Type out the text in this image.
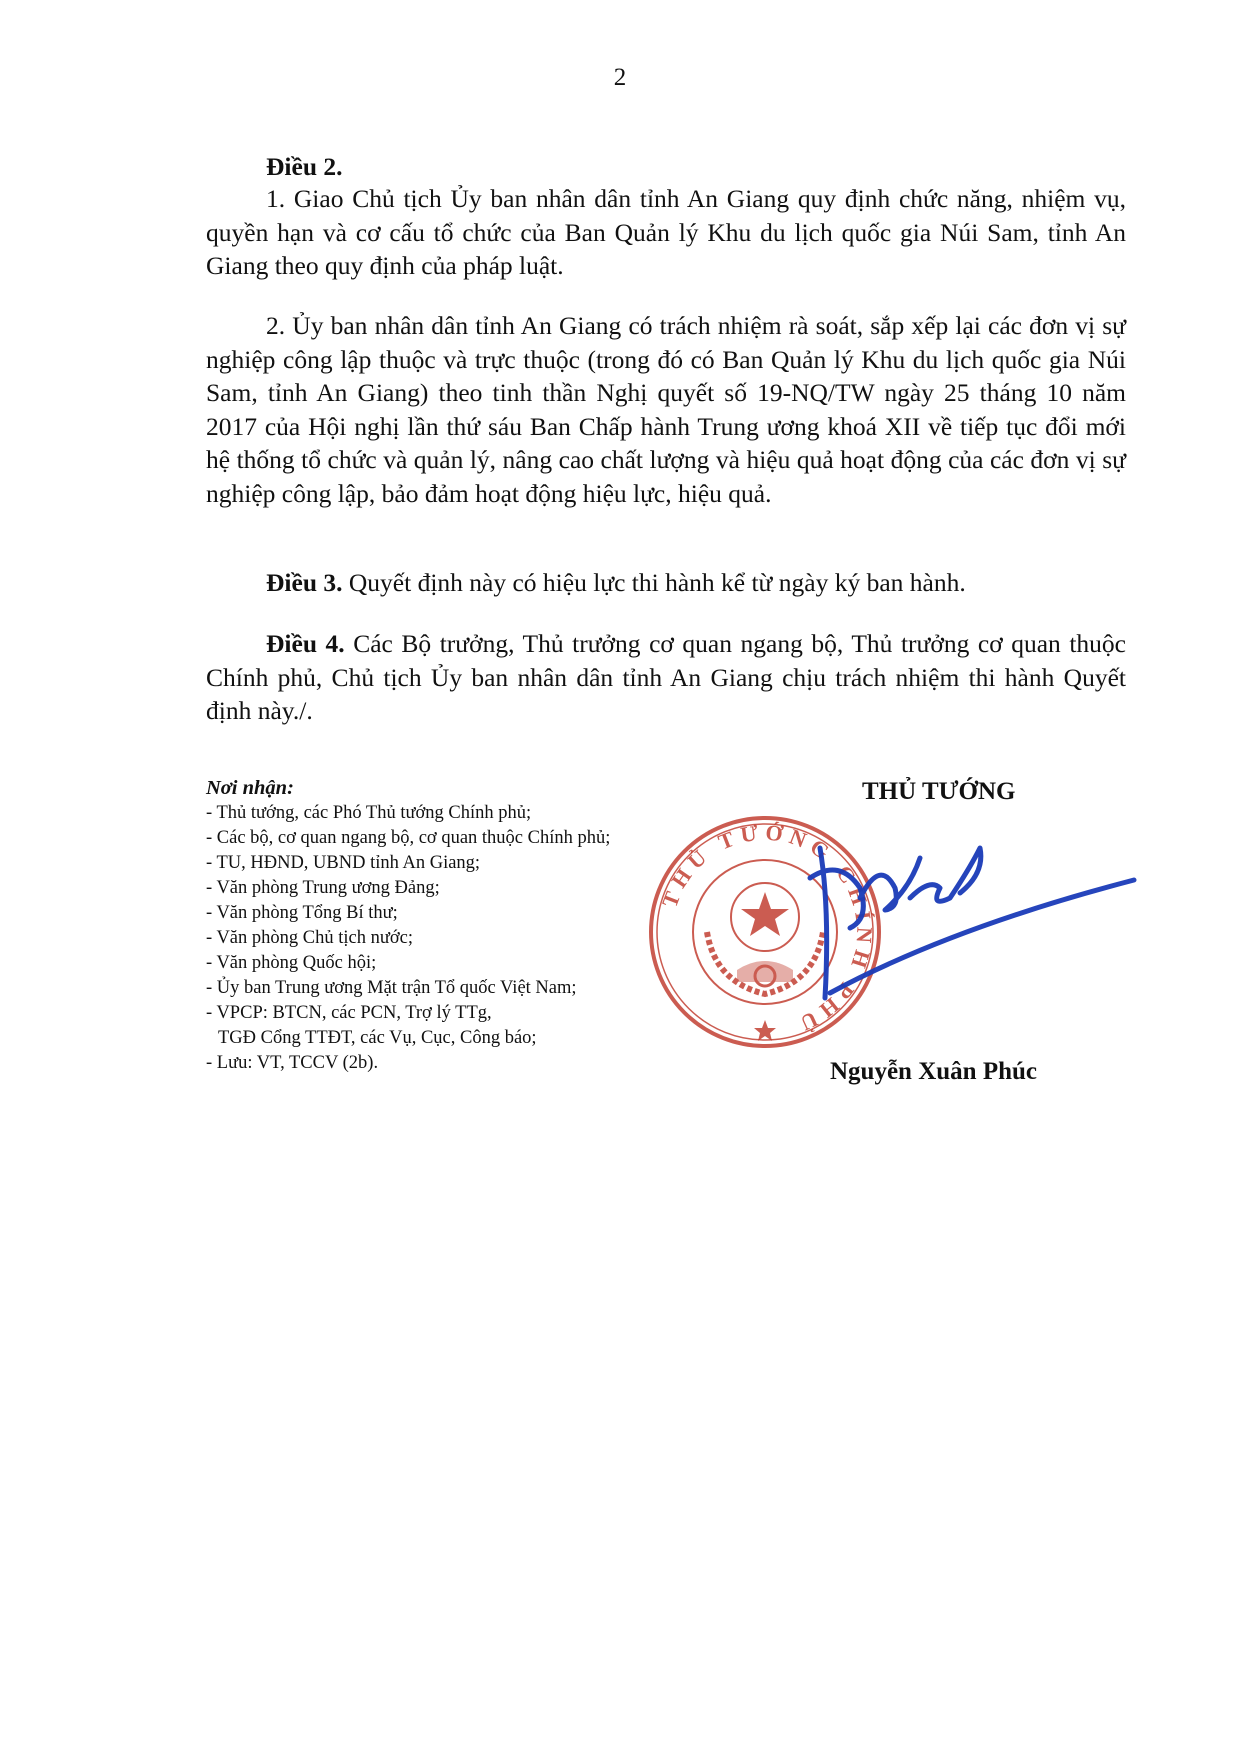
2
Điều 2.

1. Giao Chủ tịch Ủy ban nhân dân tỉnh An Giang quy định chức năng, nhiệm vụ, quyền hạn và cơ cấu tổ chức của Ban Quản lý Khu du lịch quốc gia Núi Sam, tỉnh An Giang theo quy định của pháp luật.

2. Ủy ban nhân dân tỉnh An Giang có trách nhiệm rà soát, sắp xếp lại các đơn vị sự nghiệp công lập thuộc và trực thuộc (trong đó có Ban Quản lý Khu du lịch quốc gia Núi Sam, tỉnh An Giang) theo tinh thần Nghị quyết số 19-NQ/TW ngày 25 tháng 10 năm 2017 của Hội nghị lần thứ sáu Ban Chấp hành Trung ương khoá XII về tiếp tục đổi mới hệ thống tổ chức và quản lý, nâng cao chất lượng và hiệu quả hoạt động của các đơn vị sự nghiệp công lập, bảo đảm hoạt động hiệu lực, hiệu quả.

Điều 3. Quyết định này có hiệu lực thi hành kể từ ngày ký ban hành.

Điều 4. Các Bộ trưởng, Thủ trưởng cơ quan ngang bộ, Thủ trưởng cơ quan thuộc Chính phủ, Chủ tịch Ủy ban nhân dân tỉnh An Giang chịu trách nhiệm thi hành Quyết định này./.

Nơi nhận:
- Thủ tướng, các Phó Thủ tướng Chính phủ;
- Các bộ, cơ quan ngang bộ, cơ quan thuộc Chính phủ;
- TU, HĐND, UBND tỉnh An Giang;
- Văn phòng Trung ương Đảng;
- Văn phòng Tổng Bí thư;
- Văn phòng Chủ tịch nước;
- Văn phòng Quốc hội;
- Ủy ban Trung ương Mặt trận Tổ quốc Việt Nam;
- VPCP: BTCN, các PCN, Trợ lý TTg,
TGĐ Cổng TTĐT, các Vụ, Cục, Công báo;
- Lưu: VT, TCCV (2b).
THỦ TƯỚNG
THỦ TƯỚNG CHÍNH PHỦ
Nguyễn Xuân Phúc
